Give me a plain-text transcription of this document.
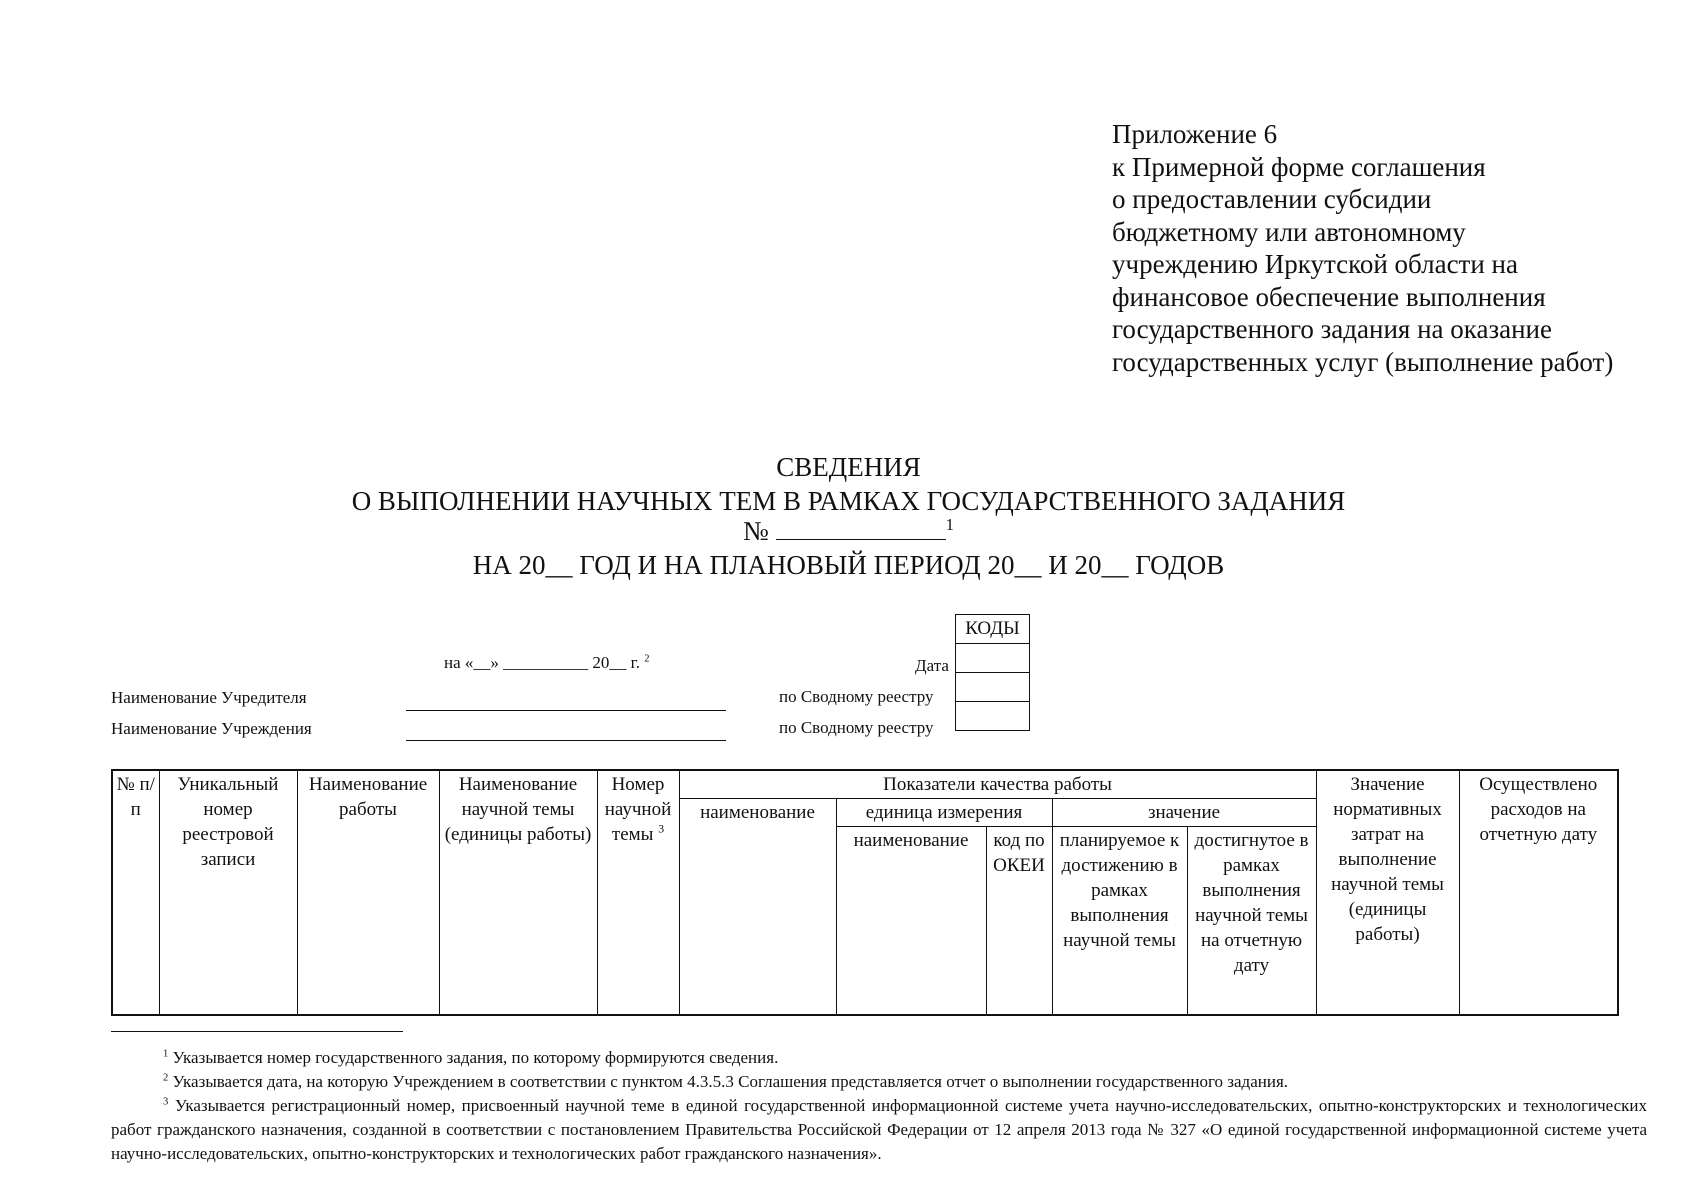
Приложение 6
к Примерной форме соглашения
о предоставлении субсидии
бюджетному или автономному
учреждению Иркутской области на
финансовое обеспечение выполнения
государственного задания на оказание
государственных услуг (выполнение работ)
СВЕДЕНИЯ
О ВЫПОЛНЕНИИ НАУЧНЫХ ТЕМ В РАМКАХ ГОСУДАРСТВЕННОГО ЗАДАНИЯ
№	$^1$
НА 20__ ГОД И НА ПЛАНОВЫЙ ПЕРИОД 20__ И 20__ ГОДОВ
на «__» __________ 20__ г. $^2$
Наименование Учредителя
Наименование Учреждения
Дата
по Сводному реестру
по Сводному реестру
КОДЫ

№ п/п	Уникальный номер реестровой записи	Наименование работы	Наименование научной темы (единицы работы)	Номер научной темы $^3$	Показатели качества работы					Значение нормативных затрат на выполнение научной темы (единицы работы)	Осуществлено расходов на отчетную дату
					наименование	единица измерения		значение			
						наименование	код по ОКЕИ	планируемое к достижению в рамках выполнения научной темы	достигнутое в рамках выполнения научной темы на отчетную дату		

$^1$ Указывается номер государственного задания, по которому формируются сведения.

$^2$ Указывается дата, на которую Учреждением в соответствии с пунктом 4.3.5.3 Соглашения представляется отчет о выполнении государственного задания.

$^3$ Указывается регистрационный номер, присвоенный научной теме в единой государственной информационной системе учета научно-исследовательских, опытно-конструкторских и технологических работ гражданского назначения, созданной в соответствии с постановлением Правительства Российской Федерации от 12 апреля 2013 года № 327 «О единой государственной информационной системе учета научно-исследовательских, опытно-конструкторских и технологических работ гражданского назначения».
